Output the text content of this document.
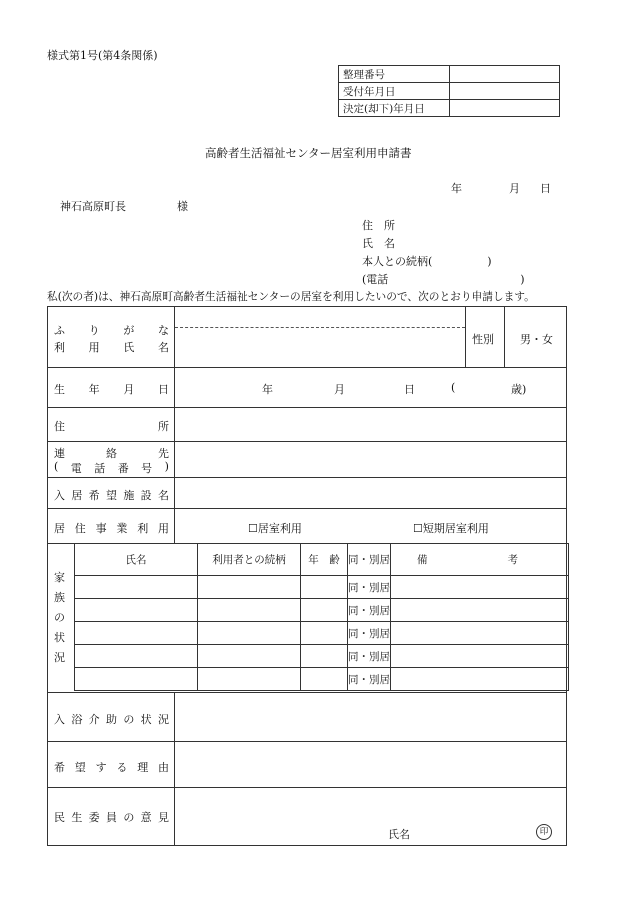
様式第1号(第4条関係)
整理番号	
受付年月日	
決定(却下)年月日	
高齢者生活福祉センター居室利用申請書
年	月 日
神石高原町長	様
住　所
氏　名
本人との続柄(　　　　　)
(電話　　　　　　　　　　　　)
私(次の者)は、神石高原町高齢者生活福祉センターの居室を利用したいので、次のとおり申請します。
ふ り が な
利 用 氏 名
性別 男・女
生 年 月 日	年	月	日	(	歳)
住	所
連	絡	先
( 電 話 番 号 )
入 居 希 望 施 設 名
居 住 事 業 利 用	☐居室利用	☐短期居室利用
家
族
の
状
況
氏名	利用者との続柄	年　齢	同・別居	備 考
			同・別居	
			同・別居	
			同・別居	
			同・別居	
			同・別居	
入 浴 介 助 の 状 況
希 望 す る 理 由
民 生 委 員 の 意 見
氏名	印
